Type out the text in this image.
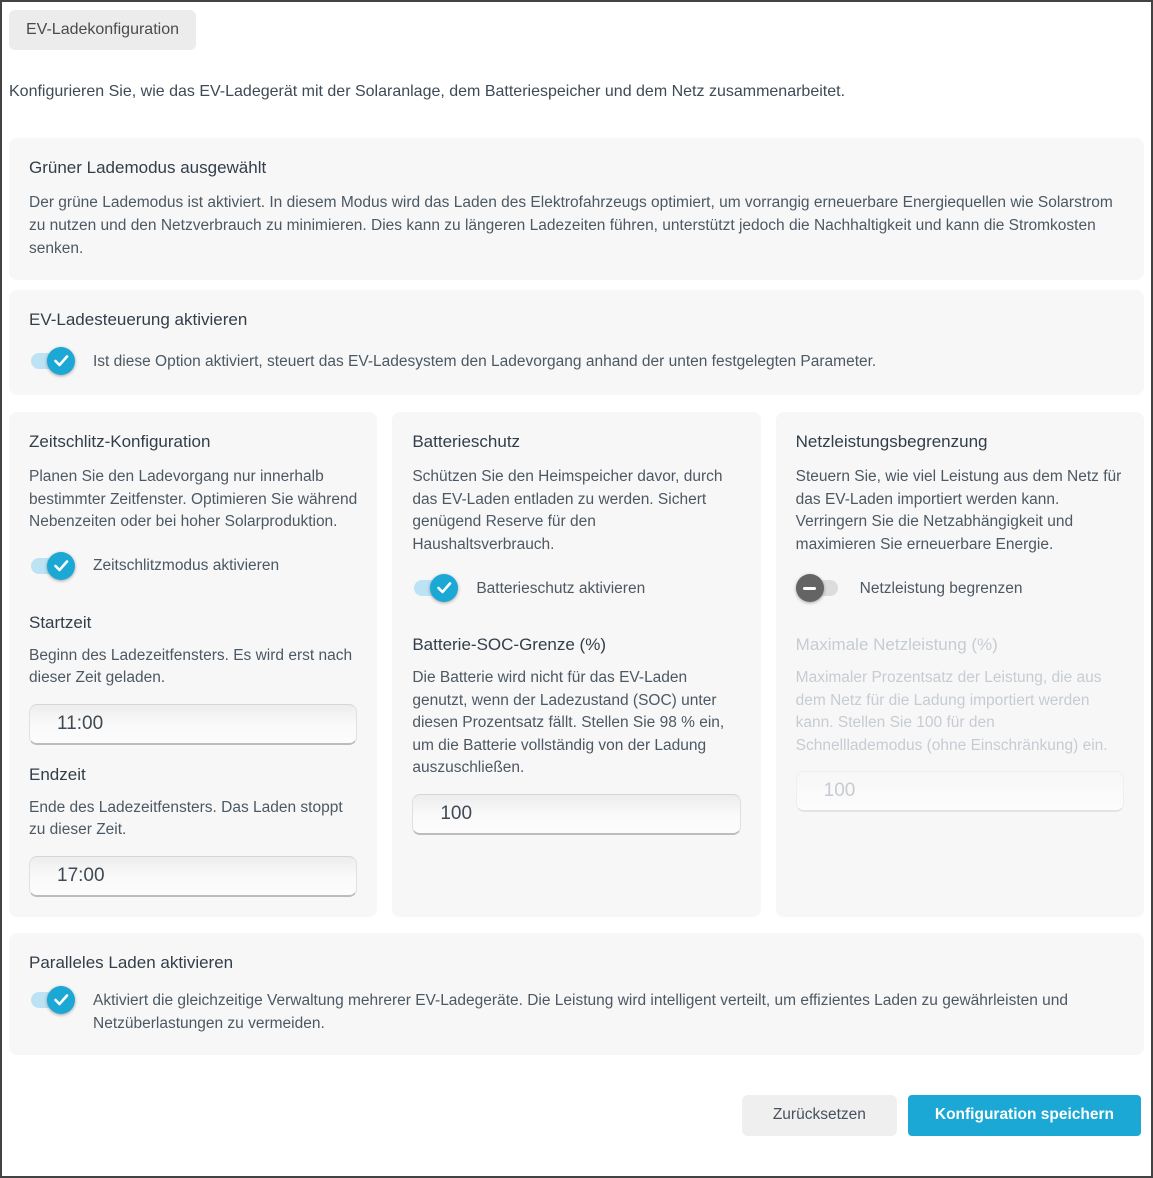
EV-Ladekonfiguration
Konfigurieren Sie, wie das EV-Ladegerät mit der Solaranlage, dem Batteriespeicher und dem Netz zusammenarbeitet.
Grüner Lademodus ausgewählt
Der grüne Lademodus ist aktiviert. In diesem Modus wird das Laden des Elektrofahrzeugs optimiert, um vorrangig erneuerbare Energiequellen wie Solarstrom zu nutzen und den Netzverbrauch zu minimieren. Dies kann zu längeren Ladezeiten führen, unterstützt jedoch die Nachhaltigkeit und kann die Stromkosten senken.
EV-Ladesteuerung aktivieren
Ist diese Option aktiviert, steuert das EV-Ladesystem den Ladevorgang anhand der unten festgelegten Parameter.
Zeitschlitz-Konfiguration
Planen Sie den Ladevorgang nur innerhalb bestimmter Zeitfenster. Optimieren Sie während Nebenzeiten oder bei hoher Solarproduktion.
Zeitschlitzmodus aktivieren
Startzeit
Beginn des Ladezeitfensters. Es wird erst nach dieser Zeit geladen.
11:00
Endzeit
Ende des Ladezeitfensters. Das Laden stoppt zu dieser Zeit.
17:00
Batterieschutz
Schützen Sie den Heimspeicher davor, durch das EV-Laden entladen zu werden. Sichert genügend Reserve für den Haushaltsverbrauch.
Batterieschutz aktivieren
Batterie-SOC-Grenze (%)
Die Batterie wird nicht für das EV-Laden genutzt, wenn der Ladezustand (SOC) unter diesen Prozentsatz fällt. Stellen Sie 98 % ein, um die Batterie vollständig von der Ladung auszuschließen.
100
Netzleistungsbegrenzung
Steuern Sie, wie viel Leistung aus dem Netz für das EV-Laden importiert werden kann. Verringern Sie die Netzabhängigkeit und maximieren Sie erneuerbare Energie.
Netzleistung begrenzen
Maximale Netzleistung (%)
Maximaler Prozentsatz der Leistung, die aus dem Netz für die Ladung importiert werden kann. Stellen Sie 100 für den Schnelllademodus (ohne Einschränkung) ein.
100
Paralleles Laden aktivieren
Aktiviert die gleichzeitige Verwaltung mehrerer EV-Ladegeräte. Die Leistung wird intelligent verteilt, um effizientes Laden zu gewährleisten und Netzüberlastungen zu vermeiden.
Zurücksetzen	Konfiguration speichern
